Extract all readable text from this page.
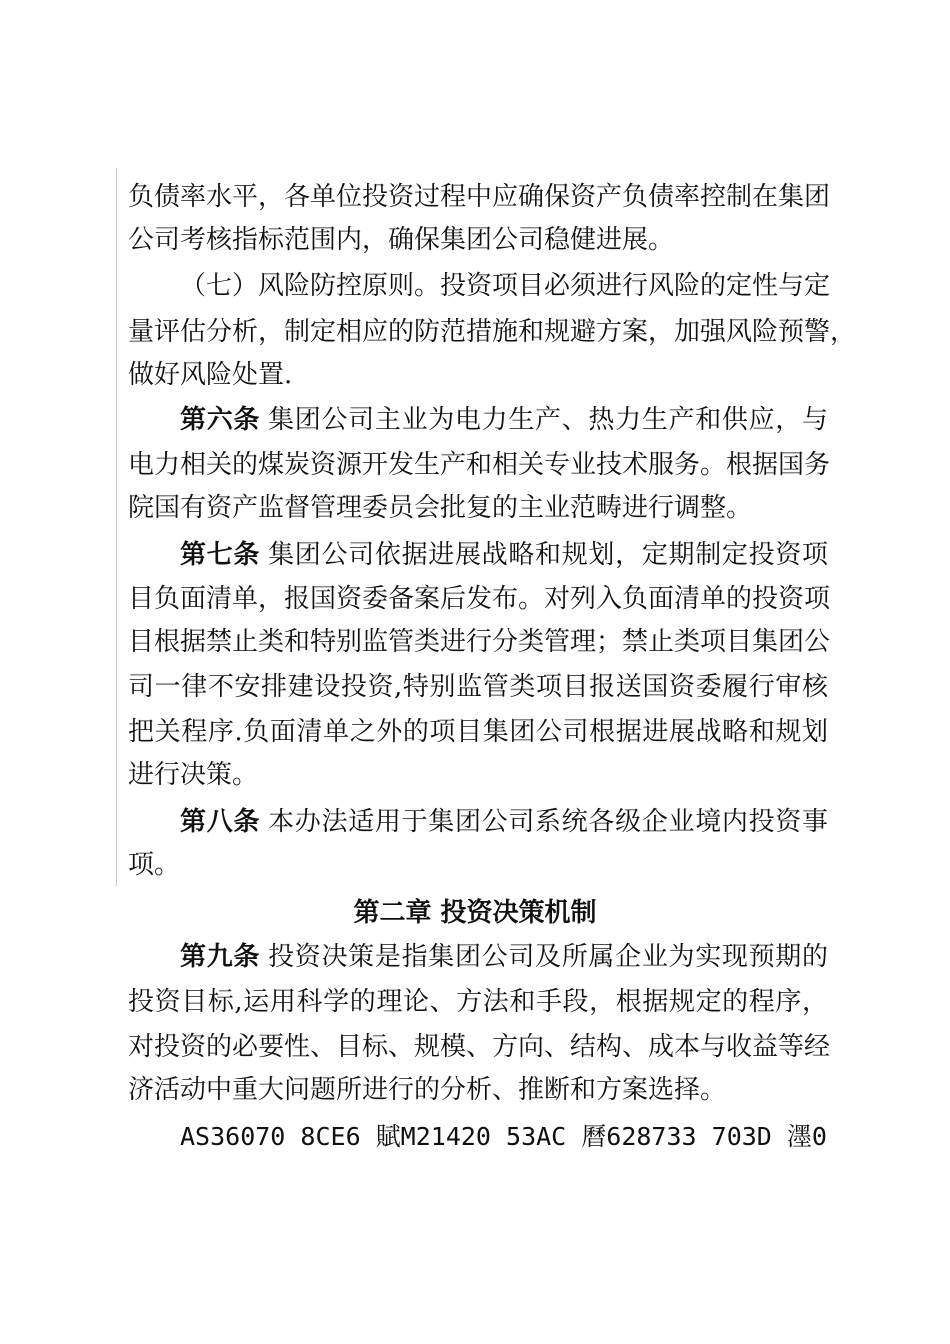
负债率水平，各单位投资过程中应确保资产负债率控制在集团
公司考核指标范围内，确保集团公司稳健进展。
（七）风险防控原则。投资项目必须进行风险的定性与定
量评估分析，制定相应的防范措施和规避方案，加强风险预警，
做好风险处置.
第六条 集团公司主业为电力生产、热力生产和供应，与
电力相关的煤炭资源开发生产和相关专业技术服务。根据国务
院国有资产监督管理委员会批复的主业范畴进行调整。
第七条 集团公司依据进展战略和规划，定期制定投资项
目负面清单，报国资委备案后发布。对列入负面清单的投资项
目根据禁止类和特别监管类进行分类管理；禁止类项目集团公
司一律不安排建设投资,特别监管类项目报送国资委履行审核
把关程序.负面清单之外的项目集团公司根据进展战略和规划
进行决策。
第八条 本办法适用于集团公司系统各级企业境内投资事
项。
第二章 投资决策机制
第九条 投资决策是指集团公司及所属企业为实现预期的
投资目标,运用科学的理论、方法和手段，根据规定的程序，
对投资的必要性、目标、规模、方向、结构、成本与收益等经
济活动中重大问题所进行的分析、推断和方案选择。
AS36070 8CE6 賦M21420 53AC 曆628733 703D 濹0
